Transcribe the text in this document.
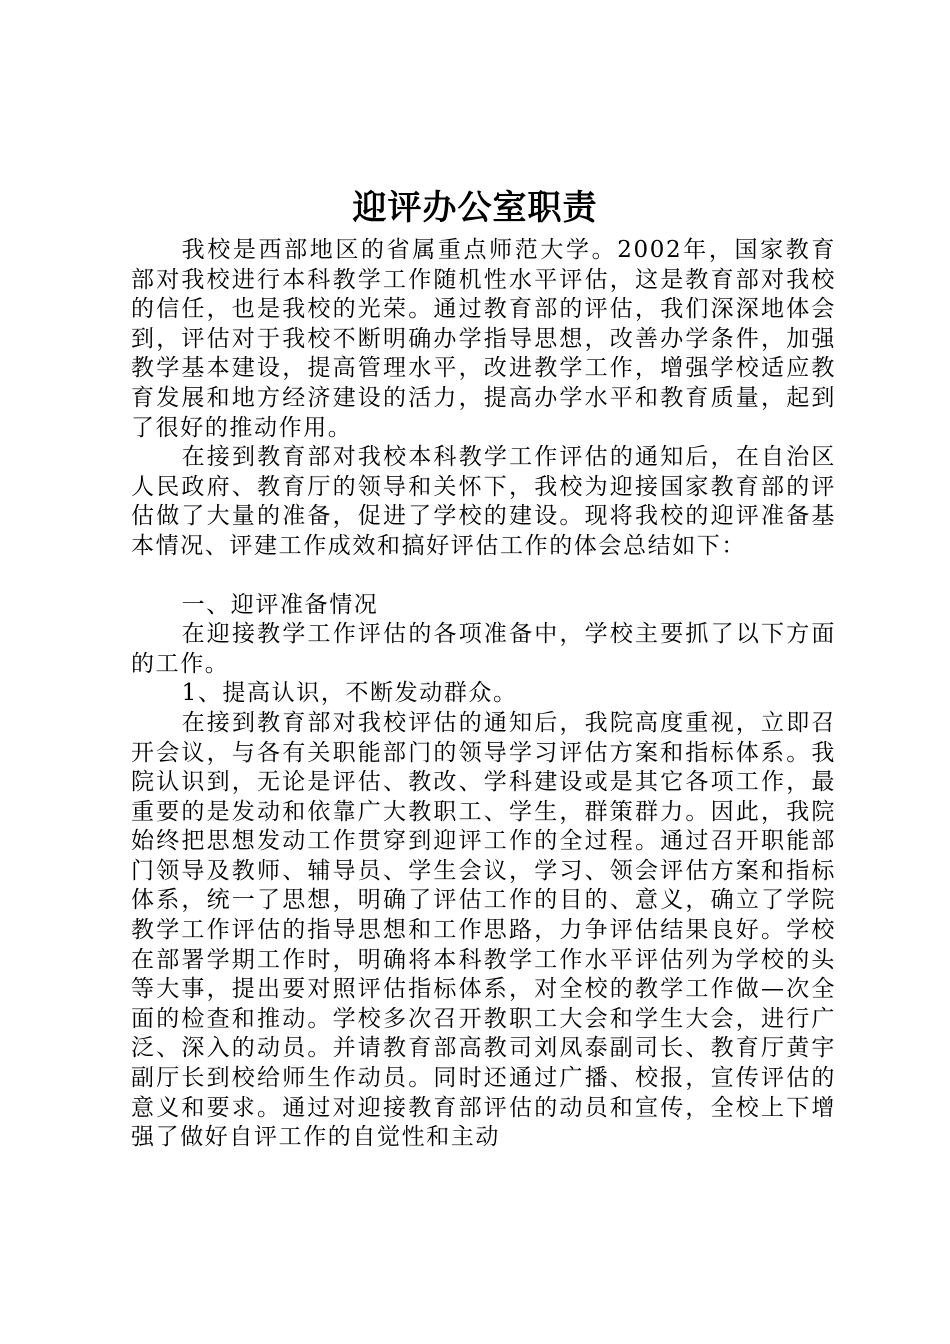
迎评办公室职责

我校是西部地区的省属重点师范大学。2002年，国家教育部对我校进行本科教学工作随机性水平评估，这是教育部对我校的信任，也是我校的光荣。通过教育部的评估，我们深深地体会到，评估对于我校不断明确办学指导思想，改善办学条件，加强教学基本建设，提高管理水平，改进教学工作，增强学校适应教育发展和地方经济建设的活力，提高办学水平和教育质量，起到了很好的推动作用。

在接到教育部对我校本科教学工作评估的通知后，在自治区人民政府、教育厅的领导和关怀下，我校为迎接国家教育部的评估做了大量的准备，促进了学校的建设。现将我校的迎评准备基本情况、评建工作成效和搞好评估工作的体会总结如下：

一、迎评准备情况

在迎接教学工作评估的各项准备中，学校主要抓了以下方面的工作。

1、提高认识，不断发动群众。

在接到教育部对我校评估的通知后，我院高度重视，立即召开会议，与各有关职能部门的领导学习评估方案和指标体系。我院认识到，无论是评估、教改、学科建设或是其它各项工作，最重要的是发动和依靠广大教职工、学生，群策群力。因此，我院始终把思想发动工作贯穿到迎评工作的全过程。通过召开职能部门领导及教师、辅导员、学生会议，学习、领会评估方案和指标体系，统一了思想，明确了评估工作的目的、意义，确立了学院教学工作评估的指导思想和工作思路，力争评估结果良好。学校在部署学期工作时，明确将本科教学工作水平评估列为学校的头等大事，提出要对照评估指标体系，对全校的教学工作做—次全面的检查和推动。学校多次召开教职工大会和学生大会，进行广泛、深入的动员。并请教育部高教司刘凤泰副司长、教育厅黄宇副厅长到校给师生作动员。同时还通过广播、校报，宣传评估的意义和要求。通过对迎接教育部评估的动员和宣传，全校上下增强了做好自评工作的自觉性和主动
